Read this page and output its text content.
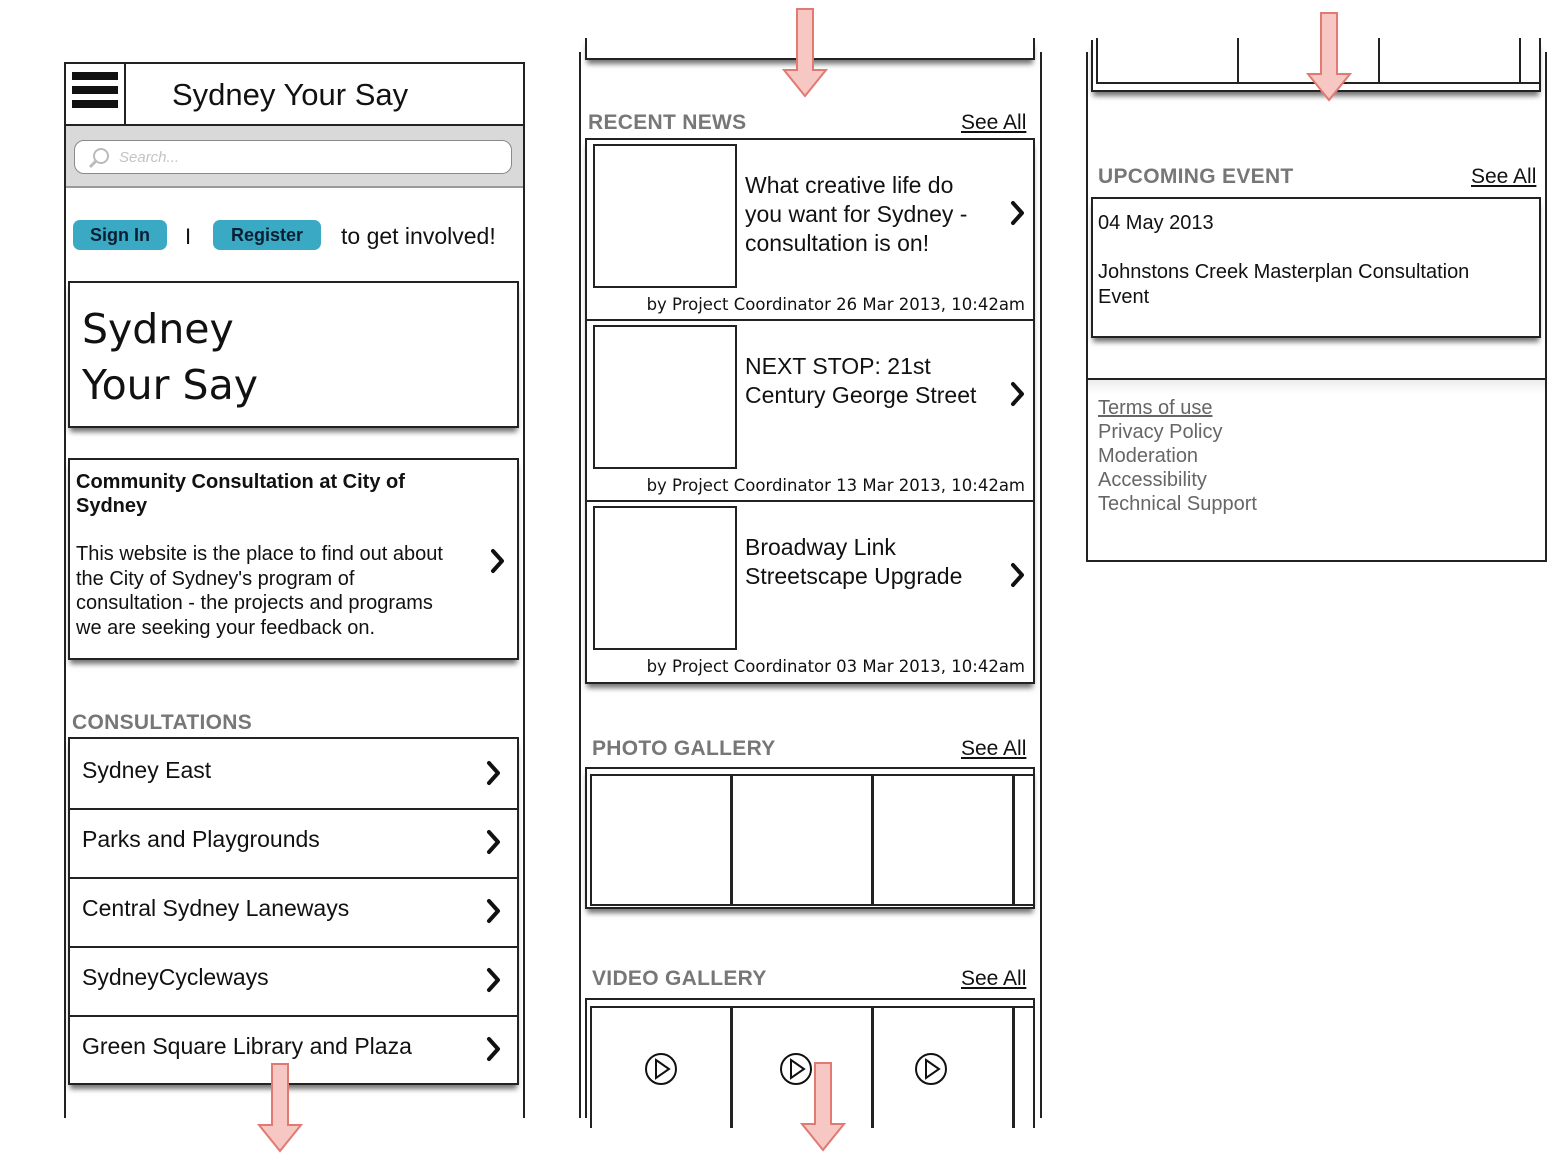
Sydney Your Say
Search...
Sign In	I	Register	to get involved!
Sydney
Your Say
Community Consultation at City of Sydney
This website is the place to find out about the City of Sydney's program of consultation - the projects and programs we are seeking your feedback on.
CONSULTATIONS
Sydney East
Parks and Playgrounds
Central Sydney Laneways
SydneyCycleways
Green Square Library and Plaza
RECENT NEWS	See All
What creative life do you want for Sydney - consultation is on!
by Project Coordinator 26 Mar 2013, 10:42am
NEXT STOP: 21st Century George Street
by Project Coordinator 13 Mar 2013, 10:42am
Broadway Link Streetscape Upgrade
by Project Coordinator 03 Mar 2013, 10:42am
PHOTO GALLERY	See All
VIDEO GALLERY	See All
UPCOMING EVENT	See All
04 May 2013
Johnstons Creek Masterplan Consultation Event
Terms of use
Privacy Policy
Moderation
Accessibility
Technical Support
